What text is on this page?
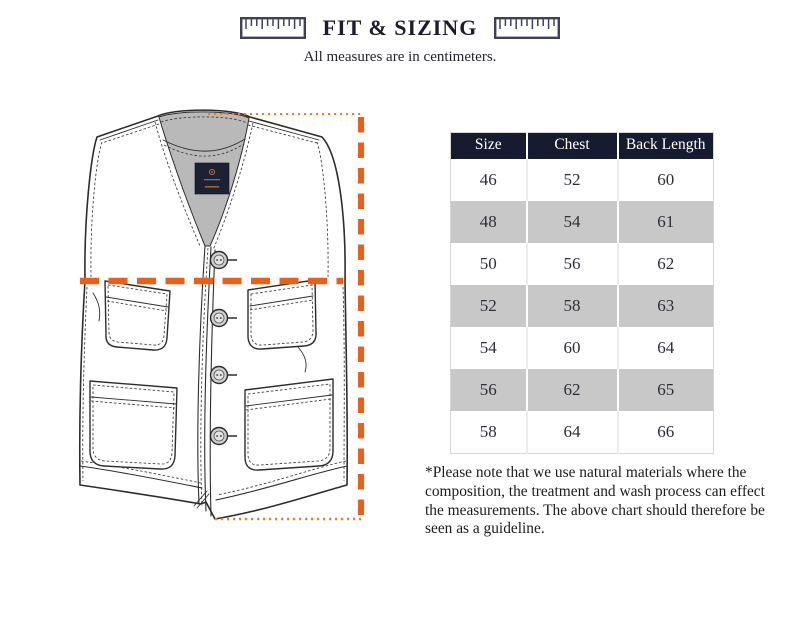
FIT & SIZING
All measures are in centimeters.
Size	Chest	Back Length
46	52	60
48	54	61
50	56	62
52	58	63
54	60	64
56	62	65
58	64	66
*Please note that we use natural materials where the
composition, the treatment and wash process can effect
the measurements. The above chart should therefore be
seen as a guideline.
